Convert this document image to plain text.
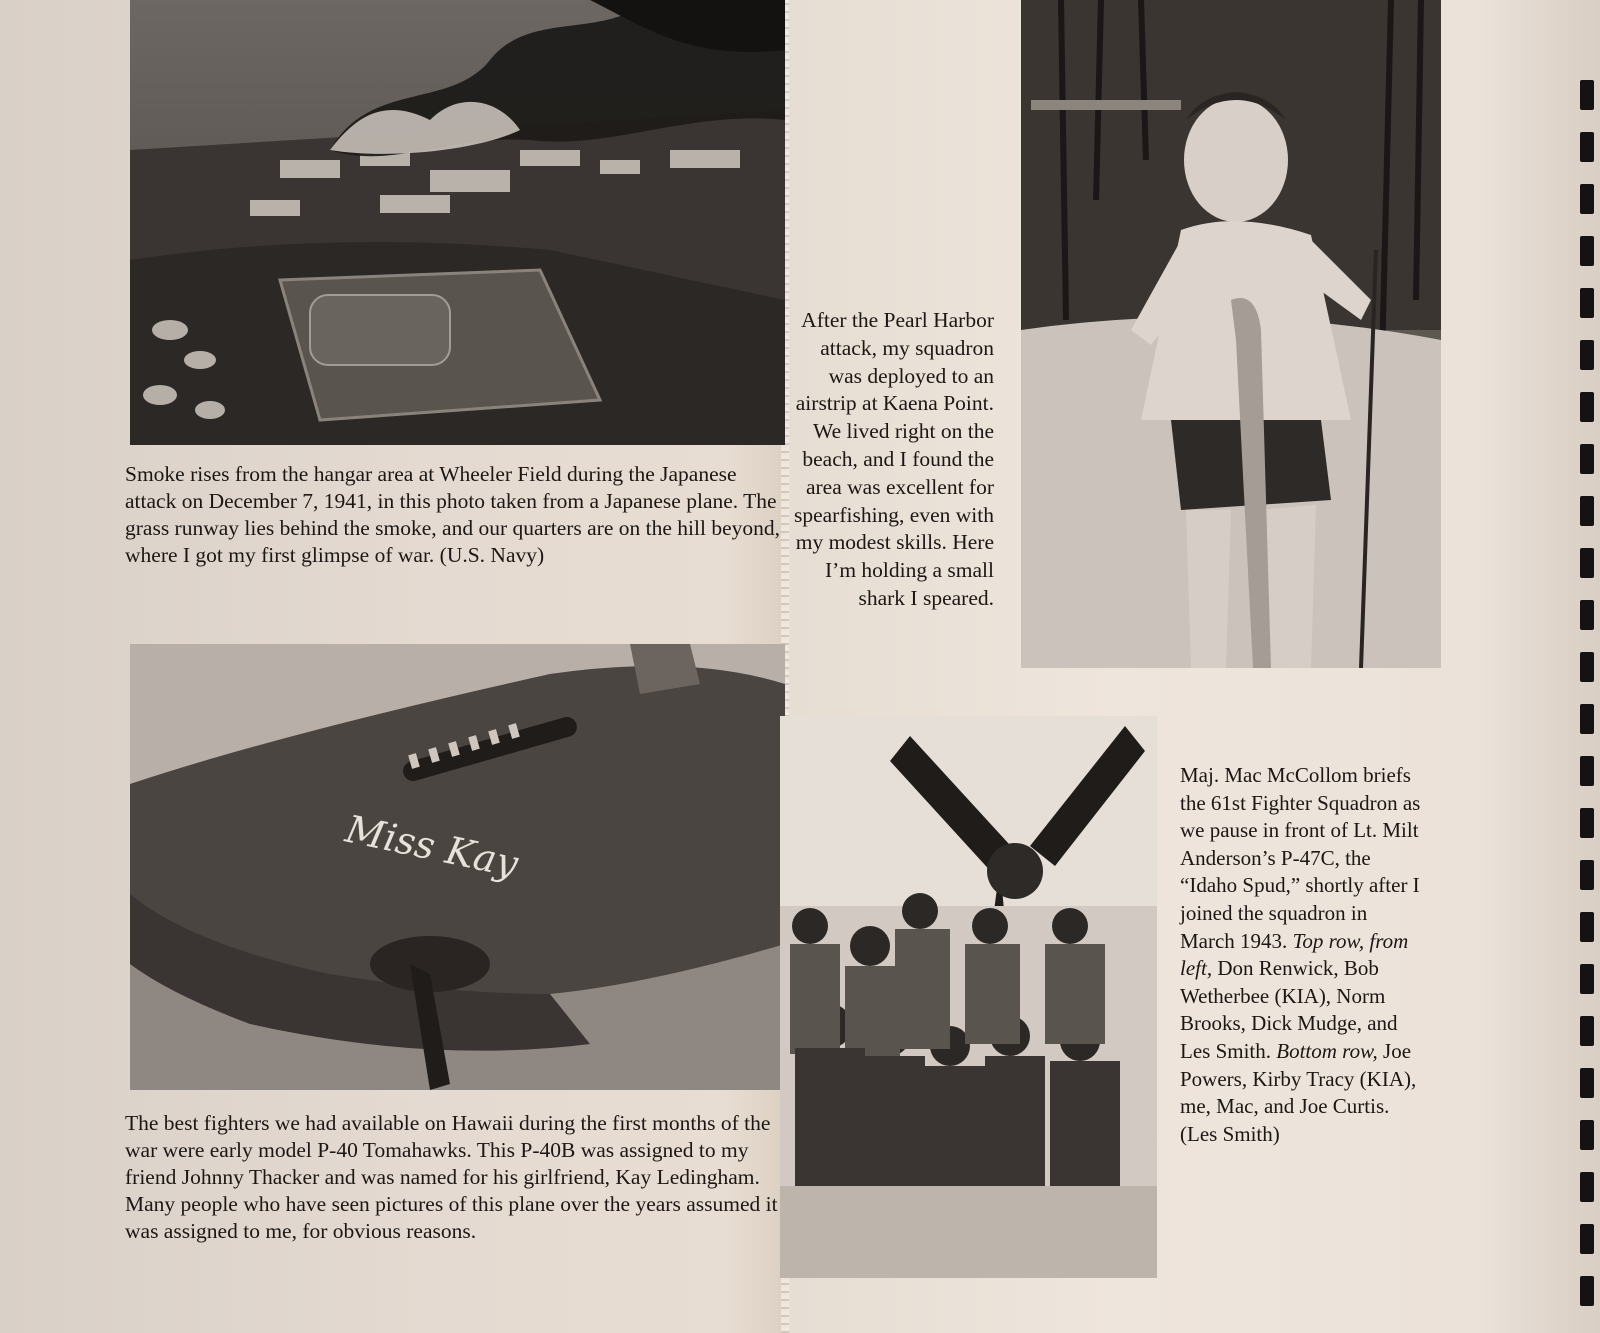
Smoke rises from the hangar area at Wheeler Field during the Japanese attack on December 7, 1941, in this photo taken from a Japanese plane. The grass runway lies behind the smoke, and our quarters are on the hill beyond, where I got my first glimpse of war. (U.S. Navy)

After the Pearl Harbor attack, my squadron was deployed to an airstrip at Kaena Point. We lived right on the beach, and I found the area was excellent for spearfishing, even with my modest skills. Here I’m holding a small shark I speared.

Miss Kay

The best fighters we had available on Hawaii during the first months of the war were early model P-40 Tomahawks. This P-40B was assigned to my friend Johnny Thacker and was named for his girlfriend, Kay Ledingham. Many people who have seen pictures of this plane over the years assumed it was assigned to me, for obvious reasons.

Maj. Mac McCollom briefs the 61st Fighter Squadron as we pause in front of Lt. Milt Anderson’s P-47C, the “Idaho Spud,” shortly after I joined the squadron in March 1943. Top row, from left, Don Renwick, Bob Wetherbee (KIA), Norm Brooks, Dick Mudge, and Les Smith. Bottom row, Joe Powers, Kirby Tracy (KIA), me, Mac, and Joe Curtis. (Les Smith)
